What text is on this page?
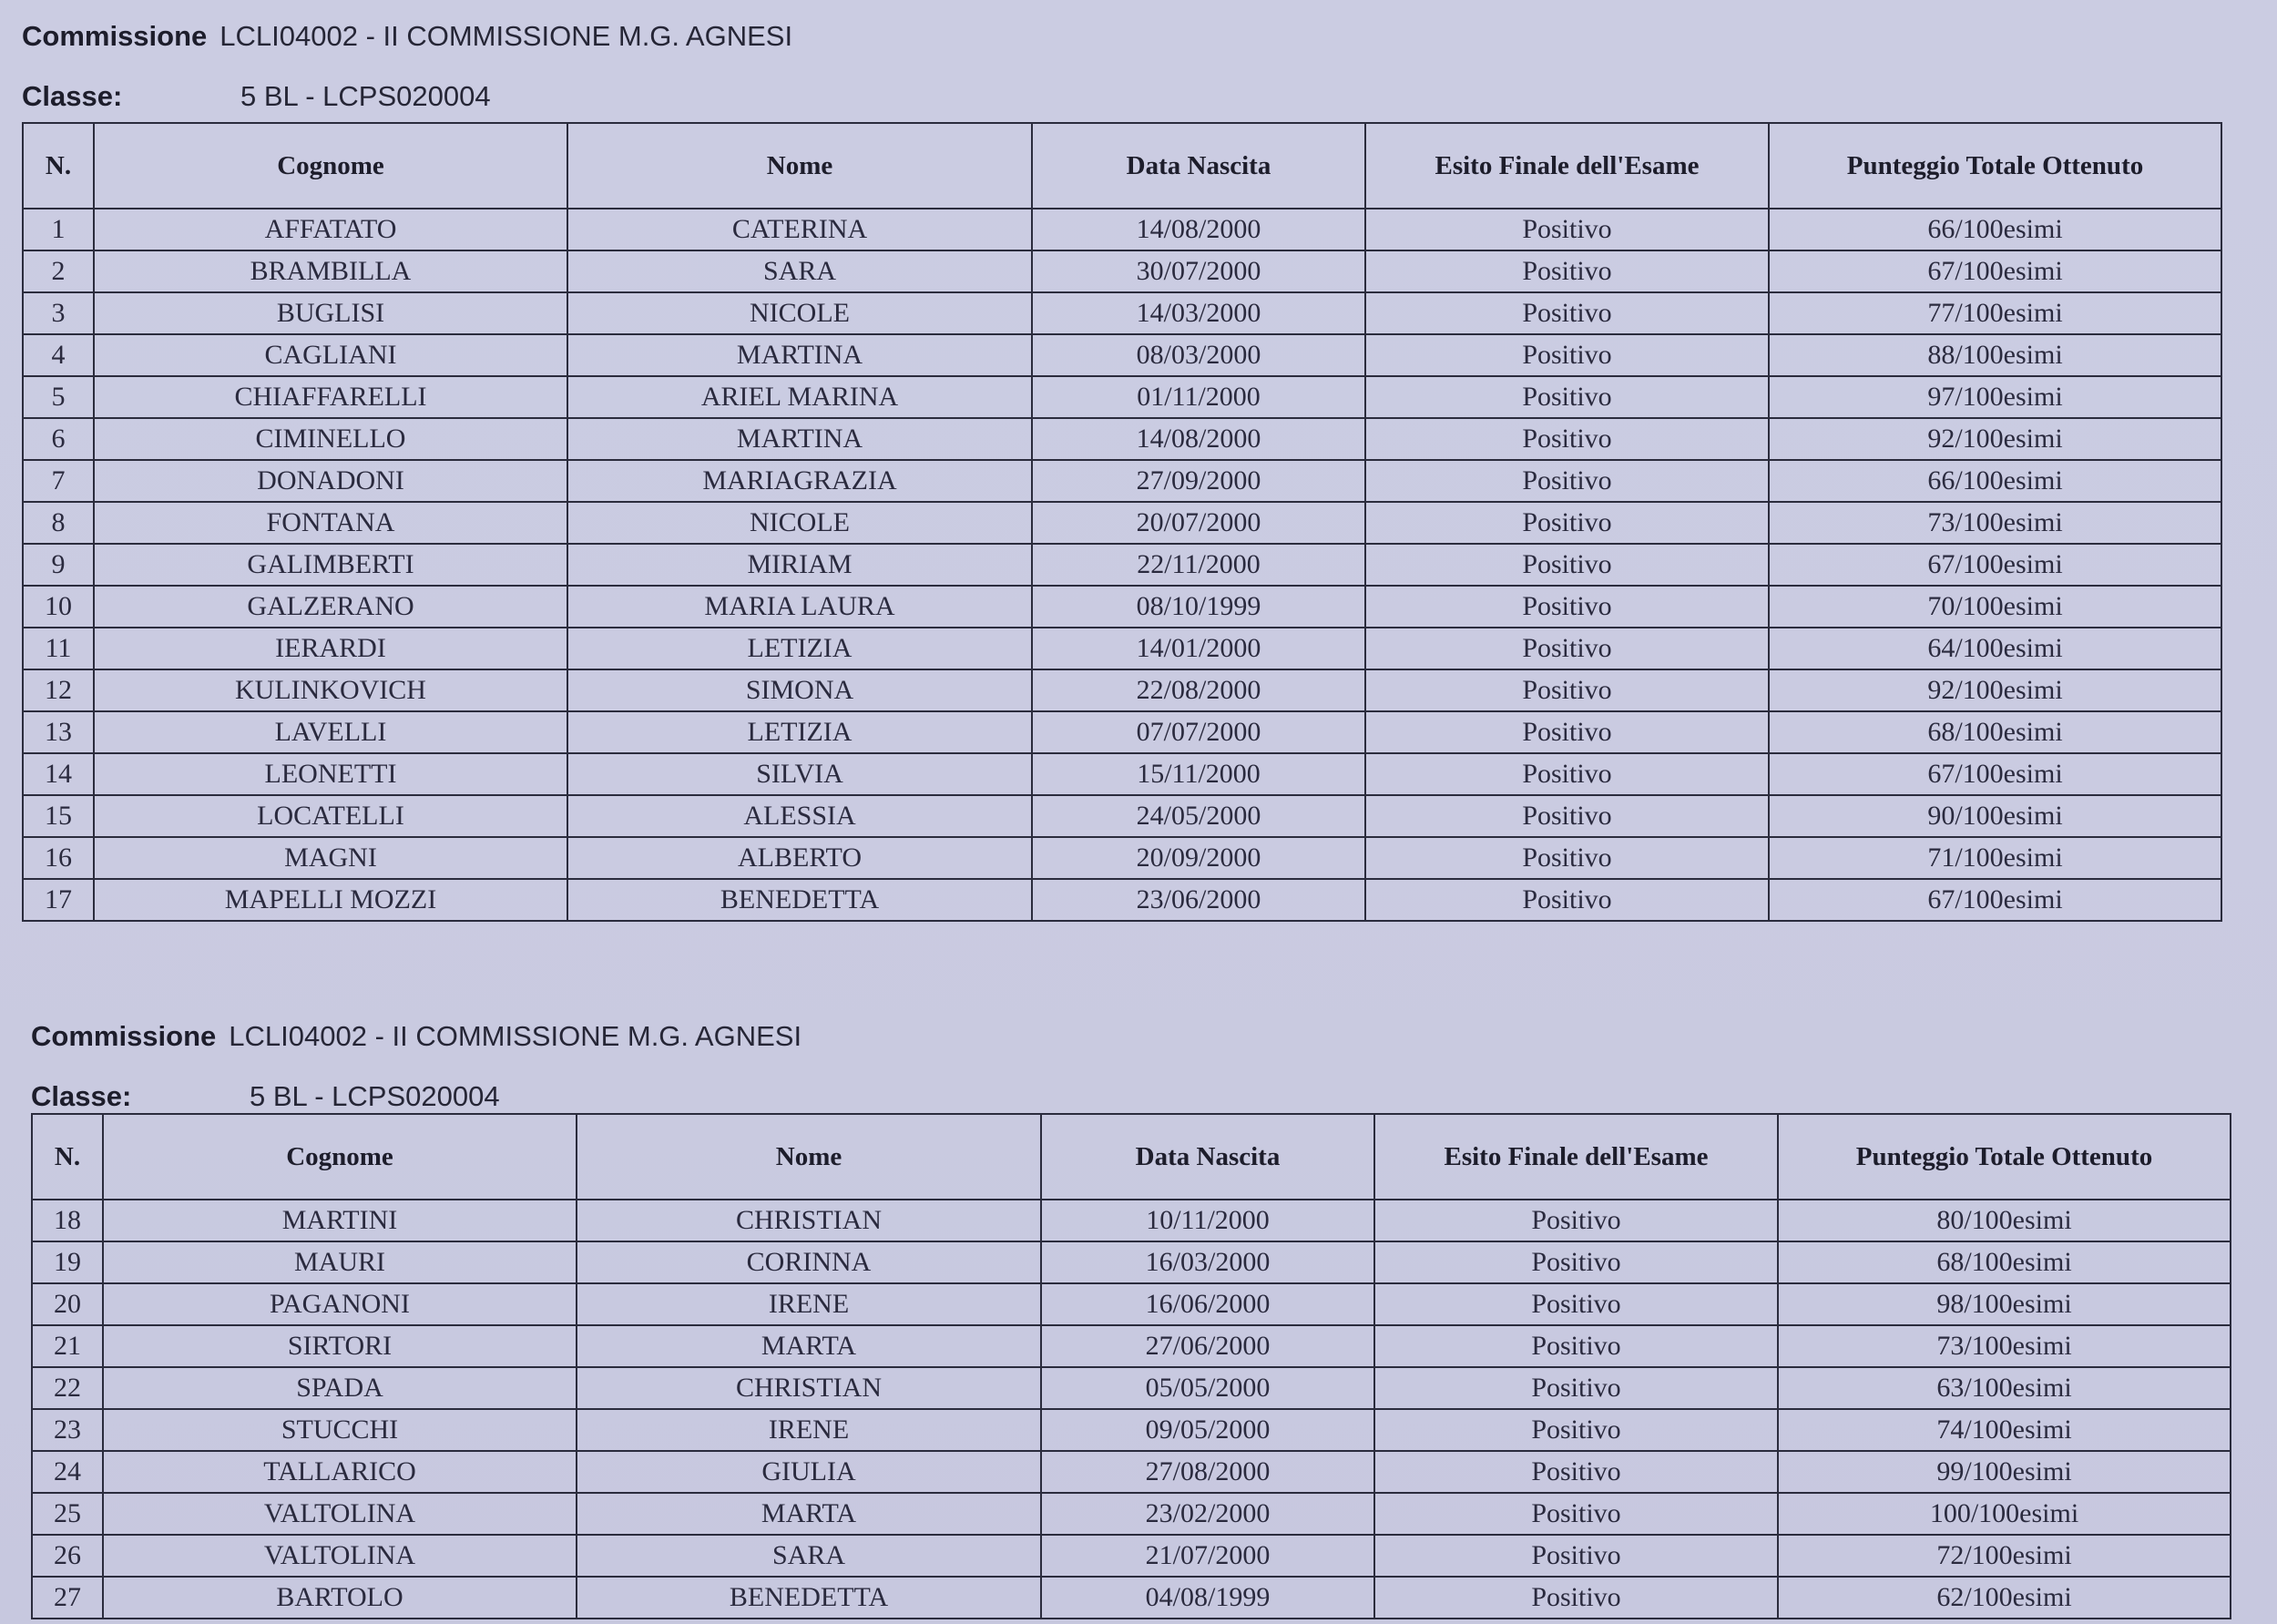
Commissione LCLI04002 - II COMMISSIONE M.G. AGNESI
Classe:	5 BL - LCPS020004
N.	Cognome	Nome	Data Nascita	Esito Finale dell'Esame	Punteggio Totale Ottenuto
1	AFFATATO	CATERINA	14/08/2000	Positivo	66/100esimi
2	BRAMBILLA	SARA	30/07/2000	Positivo	67/100esimi
3	BUGLISI	NICOLE	14/03/2000	Positivo	77/100esimi
4	CAGLIANI	MARTINA	08/03/2000	Positivo	88/100esimi
5	CHIAFFARELLI	ARIEL MARINA	01/11/2000	Positivo	97/100esimi
6	CIMINELLO	MARTINA	14/08/2000	Positivo	92/100esimi
7	DONADONI	MARIAGRAZIA	27/09/2000	Positivo	66/100esimi
8	FONTANA	NICOLE	20/07/2000	Positivo	73/100esimi
9	GALIMBERTI	MIRIAM	22/11/2000	Positivo	67/100esimi
10	GALZERANO	MARIA LAURA	08/10/1999	Positivo	70/100esimi
11	IERARDI	LETIZIA	14/01/2000	Positivo	64/100esimi
12	KULINKOVICH	SIMONA	22/08/2000	Positivo	92/100esimi
13	LAVELLI	LETIZIA	07/07/2000	Positivo	68/100esimi
14	LEONETTI	SILVIA	15/11/2000	Positivo	67/100esimi
15	LOCATELLI	ALESSIA	24/05/2000	Positivo	90/100esimi
16	MAGNI	ALBERTO	20/09/2000	Positivo	71/100esimi
17	MAPELLI MOZZI	BENEDETTA	23/06/2000	Positivo	67/100esimi
Commissione LCLI04002 - II COMMISSIONE M.G. AGNESI
Classe:	5 BL - LCPS020004
N.	Cognome	Nome	Data Nascita	Esito Finale dell'Esame	Punteggio Totale Ottenuto
18	MARTINI	CHRISTIAN	10/11/2000	Positivo	80/100esimi
19	MAURI	CORINNA	16/03/2000	Positivo	68/100esimi
20	PAGANONI	IRENE	16/06/2000	Positivo	98/100esimi
21	SIRTORI	MARTA	27/06/2000	Positivo	73/100esimi
22	SPADA	CHRISTIAN	05/05/2000	Positivo	63/100esimi
23	STUCCHI	IRENE	09/05/2000	Positivo	74/100esimi
24	TALLARICO	GIULIA	27/08/2000	Positivo	99/100esimi
25	VALTOLINA	MARTA	23/02/2000	Positivo	100/100esimi
26	VALTOLINA	SARA	21/07/2000	Positivo	72/100esimi
27	BARTOLO	BENEDETTA	04/08/1999	Positivo	62/100esimi
